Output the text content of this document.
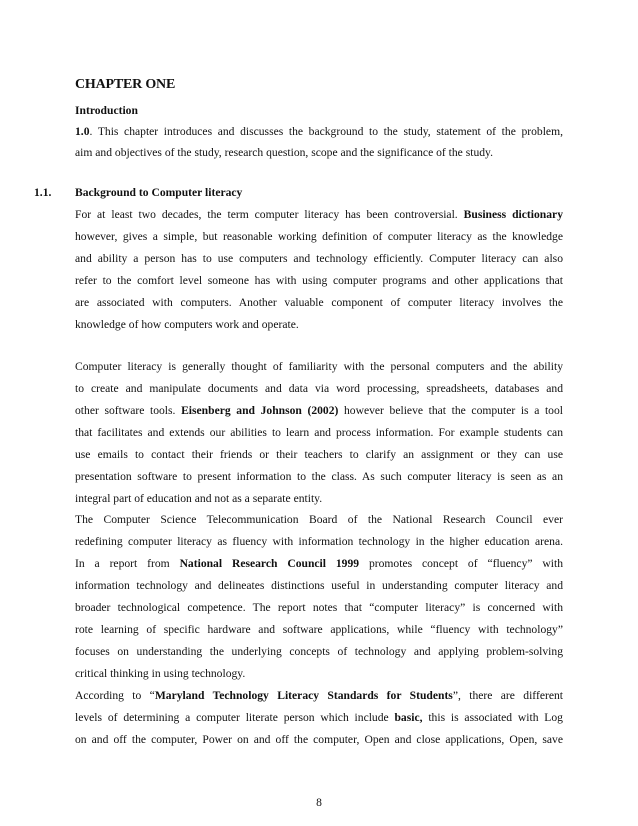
CHAPTER ONE
Introduction
1.0. This chapter introduces and discusses the background to the study, statement of the problem,
aim and objectives of the study, research question, scope and the significance of the study.
1.1. Background to Computer literacy
For at least two decades, the term computer literacy has been controversial. Business dictionary
however, gives a simple, but reasonable working definition of computer literacy as the knowledge
and ability a person has to use computers and technology efficiently. Computer literacy can also
refer to the comfort level someone has with using computer programs and other applications that
are associated with computers. Another valuable component of computer literacy involves the
knowledge of how computers work and operate.
Computer literacy is generally thought of familiarity with the personal computers and the ability
to create and manipulate documents and data via word processing, spreadsheets, databases and
other software tools. Eisenberg and Johnson (2002) however believe that the computer is a tool
that facilitates and extends our abilities to learn and process information. For example students can
use emails to contact their friends or their teachers to clarify an assignment or they can use
presentation software to present information to the class. As such computer literacy is seen as an
integral part of education and not as a separate entity.
The Computer Science Telecommunication Board of the National Research Council ever
redefining computer literacy as fluency with information technology in the higher education arena.
In a report from National Research Council 1999 promotes concept of “fluency” with
information technology and delineates distinctions useful in understanding computer literacy and
broader technological competence. The report notes that “computer literacy” is concerned with
rote learning of specific hardware and software applications, while “fluency with technology”
focuses on understanding the underlying concepts of technology and applying problem-solving
critical thinking in using technology.
According to “Maryland Technology Literacy Standards for Students”, there are different
levels of determining a computer literate person which include basic, this is associated with Log
on and off the computer, Power on and off the computer, Open and close applications, Open, save
8
